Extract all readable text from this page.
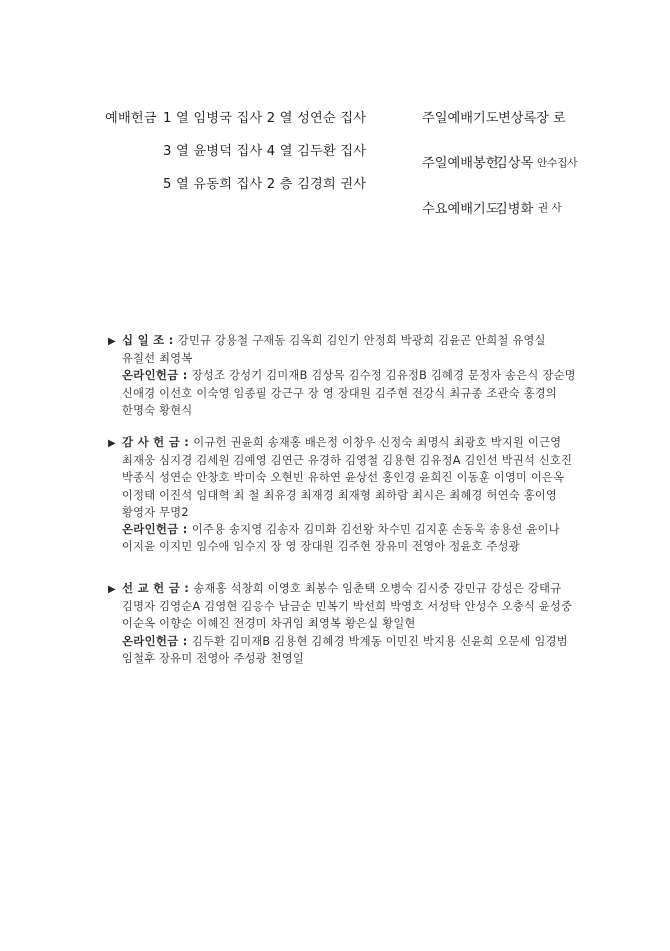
예배헌금 1 열 임병국 집사 2 열 성연순 집사
3 열 윤병덕 집사 4 열 김두환 집사
5 열 유동희 집사 2 층 김경희 권사
주일예배기도 변상록 장 로
주일예배봉헌
김상목 안수집사
수요예배기도
김병화 권 사
▶ 십 일 조 : 강민규 강용철 구재동 김옥희 김인기 안정희 박광희 김윤곤 안희철 유영실
유칠선 최영복
온라인헌금 : 장성조 강성기 김미재B 김상목 김수정 김유정B 김혜경 문정자 송은식 장순명
신애경 이선호 이숙영 임종필 강근구 장 영 장대원 김주현 전강식 최규종 조관숙 홍경의
한명숙 황현식
▶ 감 사 헌 금 : 이규헌 권윤희 송재홍 배은정 이창우 신정숙 최명식 최광호 박지원 이근영
최재웅 심지경 김세원 김예영 김연근 유경하 김영철 김용현 김유정A 김인선 박권석 신호진
박종식 성연순 안창호 박미숙 오현빈 유하연 윤상선 홍인경 윤희진 이동훈 이영미 이은옥
이정태 이진석 임대혁 최 철 최유경 최재경 최재형 최하람 최시은 최혜경 허연숙 홍이영
황영자 무명2
온라인헌금 : 이주용 송지영 김송자 김미화 김선왕 차수민 김지훈 손동욱 송용선 윤이나
이지윤 이지민 임수애 임수지 장 영 장대원 김주현 장유미 전영아 정윤호 주성광
▶ 선 교 헌 금 : 송재홍 석창희 이영호 최봉수 임춘택 오병숙 김시중 강민규 강성은 강태규
김명자 김영순A 김영현 김응수 남금순 민복기 박선희 박영호 서성탁 안성수 오충식 윤성중
이순옥 이향순 이혜진 전경미 차귀임 최영복 황은실 황일현
온라인헌금 : 김두환 김미재B 김용현 김혜경 박계동 이민진 박지용 신윤희 오문세 임경범
임철후 장유미 전영아 주성광 천영일
